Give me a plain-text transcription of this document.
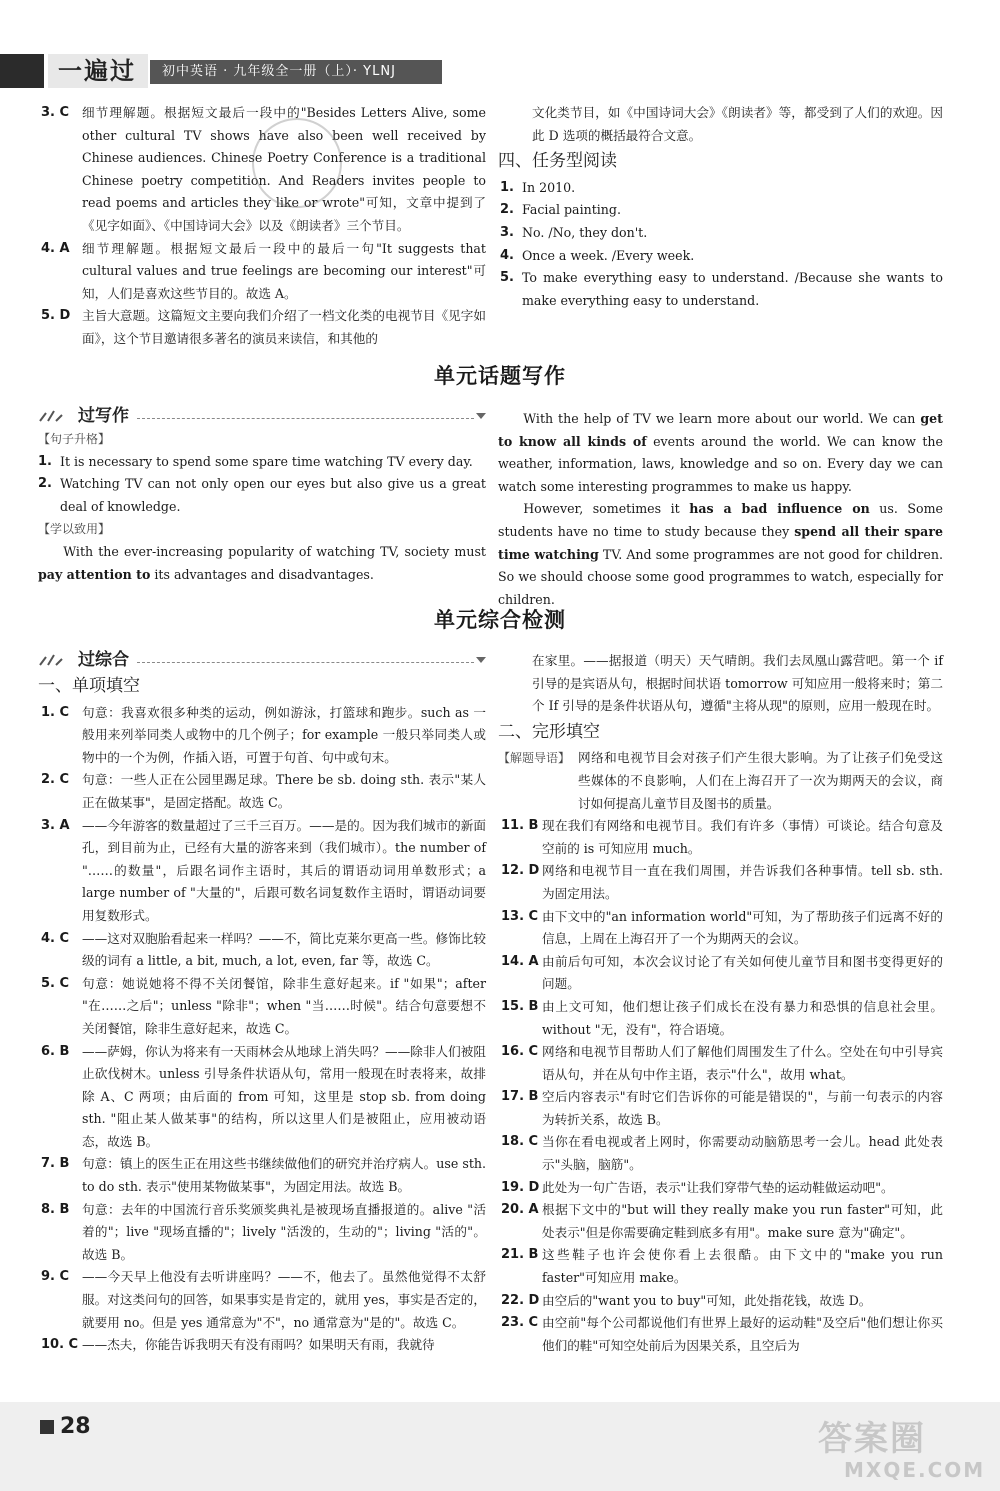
一遍过	初中英语 · 九年级全一册（上）· YLNJ
3. C	细节理解题。根据短文最后一段中的"Besides Letters Alive, some other cultural TV shows have also been well received by Chinese audiences. Chinese Poetry Conference is a traditional Chinese poetry competition. And Readers invites people to read poems and articles they like or wrote"可知，文章中提到了《见字如面》、《中国诗词大会》以及《朗读者》三个节目。
4. A 细节理解题。根据短文最后一段中的最后一句"It suggests that cultural values and true feelings are becoming our interest"可知，人们是喜欢这些节目的。故选 A。
5. D 主旨大意题。这篇短文主要向我们介绍了一档文化类的电视节目《见字如面》，这个节目邀请很多著名的演员来读信，和其他的
文化类节目，如《中国诗词大会》《朗读者》等，都受到了人们的欢迎。因此 D 选项的概括最符合文意。
四、任务型阅读
1. In 2010.
2. Facial painting.
3. No. /No, they don't.
4. Once a week. /Every week.
5. To make everything easy to understand. /Because she wants to make everything easy to understand.
单元话题写作
过写作
【句子升格】
1. It is necessary to spend some spare time watching TV every day.
2. Watching TV can not only open our eyes but also give us a great deal of knowledge.
【学以致用】
With the ever-increasing popularity of watching TV, society must pay attention to its advantages and disadvantages.
With the help of TV we learn more about our world. We can get to know all kinds of events around the world. We can know the weather, information, laws, knowledge and so on. Every day we can watch some interesting programmes to make us happy.
However, sometimes it has a bad influence on us. Some students have no time to study because they spend all their spare time watching TV. And some programmes are not good for children. So we should choose some good programmes to watch, especially for children.
单元综合检测
过综合
一、单项填空
1. C	句意：我喜欢很多种类的运动，例如游泳，打篮球和跑步。such as 一般用来列举同类人或物中的几个例子；for example 一般只举同类人或物中的一个为例，作插入语，可置于句首、句中或句末。
2. C	句意：一些人正在公园里踢足球。There be sb. doing sth. 表示"某人正在做某事"，是固定搭配。故选 C。
3. A ——今年游客的数量超过了三千三百万。——是的。因为我们城市的新面孔，到目前为止，已经有大量的游客来到（我们城市）。the number of "……的数量"，后跟名词作主语时，其后的谓语动词用单数形式；a large number of "大量的"，后跟可数名词复数作主语时，谓语动词要用复数形式。
4. C	——这对双胞胎看起来一样吗？——不，简比克莱尔更高一些。修饰比较级的词有 a little, a bit, much, a lot, even, far 等，故选 C。
5. C	句意：她说她将不得不关闭餐馆，除非生意好起来。if "如果"；after "在……之后"；unless "除非"；when "当……时候"。结合句意要想不关闭餐馆，除非生意好起来，故选 C。
6. B ——萨姆，你认为将来有一天雨林会从地球上消失吗？——除非人们被阻止砍伐树木。unless 引导条件状语从句，常用一般现在时表将来，故排除 A、C 两项；由后面的 from 可知，这里是 stop sb. from doing sth. "阻止某人做某事"的结构，所以这里人们是被阻止，应用被动语态，故选 B。
7. B 句意：镇上的医生正在用这些书继续做他们的研究并治疗病人。use sth. to do sth. 表示"使用某物做某事"，为固定用法。故选 B。
8. B 句意：去年的中国流行音乐奖颁奖典礼是被现场直播报道的。alive "活着的"；live "现场直播的"；lively "活泼的，生动的"；living "活的"。故选 B。
9. C	——今天早上他没有去听讲座吗？——不，他去了。虽然他觉得不太舒服。对这类问句的回答，如果事实是肯定的，就用 yes，事实是否定的，就要用 no。但是 yes 通常意为"不"，no 通常意为"是的"。故选 C。
10. C ——杰夫，你能告诉我明天有没有雨吗？如果明天有雨，我就待
在家里。——据报道（明天）天气晴朗。我们去凤凰山露营吧。第一个 if 引导的是宾语从句，根据时间状语 tomorrow 可知应用一般将来时；第二个 If 引导的是条件状语从句，遵循"主将从现"的原则，应用一般现在时。
二、完形填空
【解题导语】 网络和电视节目会对孩子们产生很大影响。为了让孩子们免受这些媒体的不良影响，人们在上海召开了一次为期两天的会议，商讨如何提高儿童节目及图书的质量。
11. B 现在我们有网络和电视节目。我们有许多（事情）可谈论。结合句意及空前的 is 可知应用 much。
12. D 网络和电视节目一直在我们周围，并告诉我们各种事情。tell sb. sth. 为固定用法。
13. C 由下文中的"an information world"可知，为了帮助孩子们远离不好的信息，上周在上海召开了一个为期两天的会议。
14. A 由前后句可知，本次会议讨论了有关如何使儿童节目和图书变得更好的问题。
15. B 由上文可知，他们想让孩子们成长在没有暴力和恐惧的信息社会里。without "无，没有"，符合语境。
16. C 网络和电视节目帮助人们了解他们周围发生了什么。空处在句中引导宾语从句，并在从句中作主语，表示"什么"，故用 what。
17. B 空后内容表示"有时它们告诉你的可能是错误的"，与前一句表示的内容为转折关系，故选 B。
18. C 当你在看电视或者上网时，你需要动动脑筋思考一会儿。head 此处表示"头脑，脑筋"。
19. D 此处为一句广告语，表示"让我们穿带气垫的运动鞋做运动吧"。
20. A 根据下文中的"but will they really make you run faster"可知，此处表示"但是你需要确定鞋到底多有用"。make sure 意为"确定"。
21. B 这些鞋子也许会使你看上去很酷。由下文中的"make you run faster"可知应用 make。
22. D 由空后的"want you to buy"可知，此处指花钱，故选 D。
23. C 由空前"每个公司都说他们有世界上最好的运动鞋"及空后"他们想让你买他们的鞋"可知空处前后为因果关系，且空后为
28	答案圈
MXQE.COM
